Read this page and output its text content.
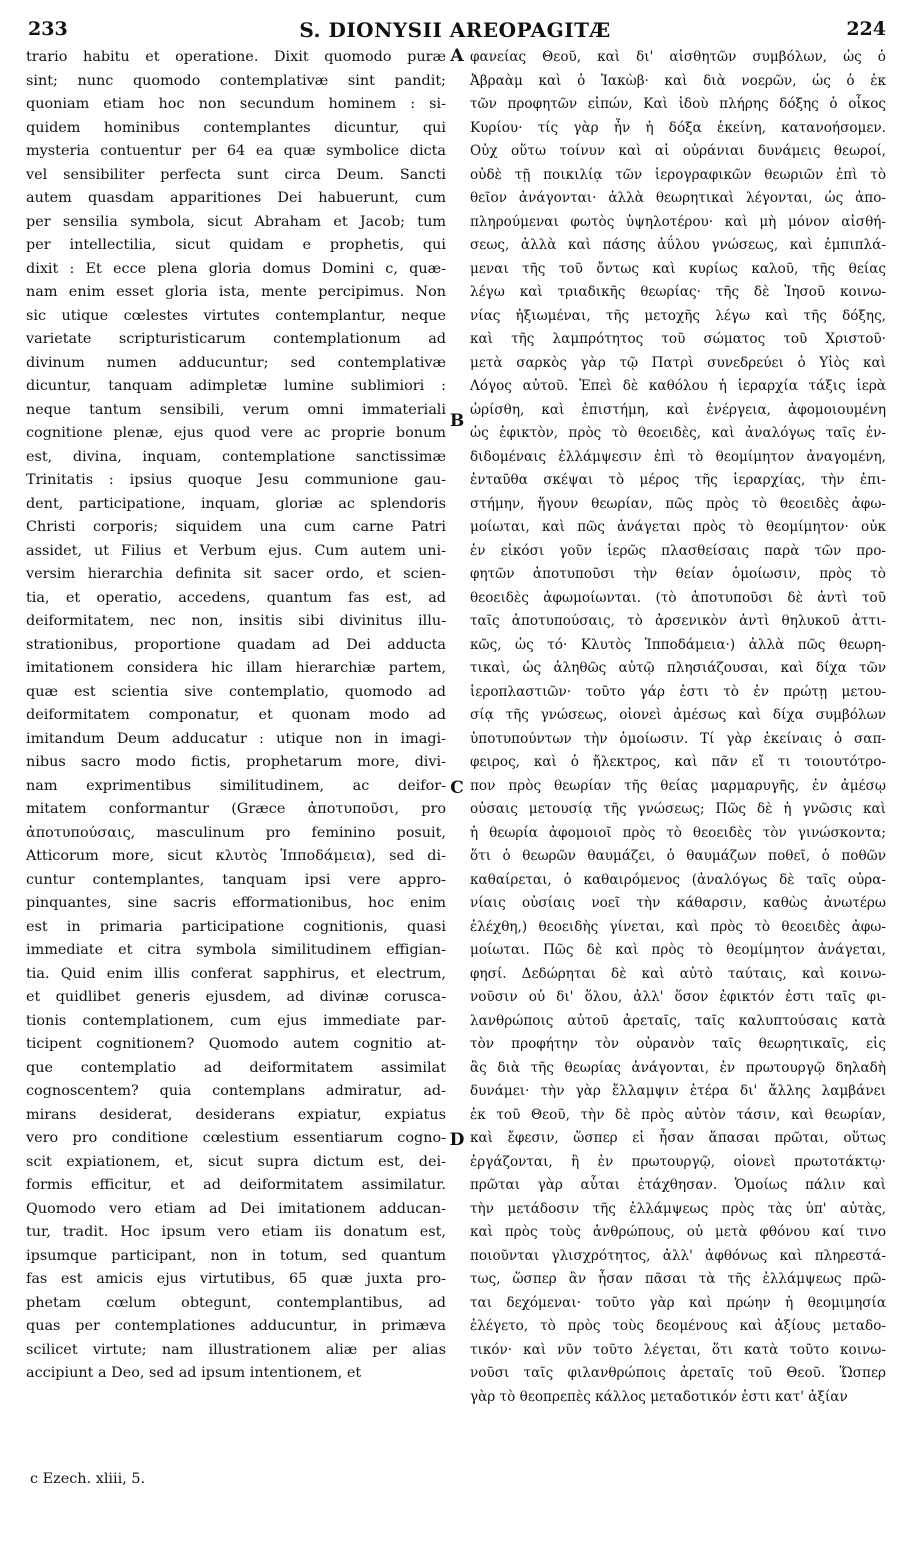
233	S. DIONYSII AREOPAGITÆ	224
trario habitu et operatione. Dixit quomodo puræ
sint; nunc quomodo contemplativæ sint pandit;
quoniam etiam hoc non secundum hominem : si-
quidem hominibus contemplantes dicuntur, qui
mysteria contuentur per 64 ea quæ symbolice dicta
vel sensibiliter perfecta sunt circa Deum. Sancti
autem quasdam apparitiones Dei habuerunt, cum
per sensilia symbola, sicut Abraham et Jacob; tum
per intellectilia, sicut quidam e prophetis, qui
dixit : Et ecce plena gloria domus Domini c, quæ-
nam enim esset gloria ista, mente percipimus. Non
sic utique cœlestes virtutes contemplantur, neque
varietate scripturisticarum contemplationum ad
divinum numen adducuntur; sed contemplativæ
dicuntur, tanquam adimpletæ lumine sublimiori :
neque tantum sensibili, verum omni immateriali
cognitione plenæ, ejus quod vere ac proprie bonum
est, divina, inquam, contemplatione sanctissimæ
Trinitatis : ipsius quoque Jesu communione gau-
dent, participatione, inquam, gloriæ ac splendoris
Christi corporis; siquidem una cum carne Patri
assidet, ut Filius et Verbum ejus. Cum autem uni-
versim hierarchia definita sit sacer ordo, et scien-
tia, et operatio, accedens, quantum fas est, ad
deiformitatem, nec non, insitis sibi divinitus illu-
strationibus, proportione quadam ad Dei adducta
imitationem considera hic illam hierarchiæ partem,
quæ est scientia sive contemplatio, quomodo ad
deiformitatem componatur, et quonam modo ad
imitandum Deum adducatur : utique non in imagi-
nibus sacro modo fictis, prophetarum more, divi-
nam exprimentibus similitudinem, ac deifor-
mitatem conformantur (Græce ἀποτυποῦσι, pro
ἀποτυπούσαις, masculinum pro feminino posuit,
Atticorum more, sicut κλυτὸς Ἱπποδάμεια), sed di-
cuntur contemplantes, tanquam ipsi vere appro-
pinquantes, sine sacris efformationibus, hoc enim
est in primaria participatione cognitionis, quasi
immediate et citra symbola similitudinem effigian-
tia. Quid enim illis conferat sapphirus, et electrum,
et quidlibet generis ejusdem, ad divinæ corusca-
tionis contemplationem, cum ejus immediate par-
ticipent cognitionem? Quomodo autem cognitio at-
que contemplatio ad deiformitatem assimilat
cognoscentem? quia contemplans admiratur, ad-
mirans desiderat, desiderans expiatur, expiatus
vero pro conditione cœlestium essentiarum cogno-
scit expiationem, et, sicut supra dictum est, dei-
formis efficitur, et ad deiformitatem assimilatur.
Quomodo vero etiam ad Dei imitationem adducan-
tur, tradit. Hoc ipsum vero etiam iis donatum est,
ipsumque participant, non in totum, sed quantum
fas est amicis ejus virtutibus, 65 quæ juxta pro-
phetam cœlum obtegunt, contemplantibus, ad
quas per contemplationes adducuntur, in primæva
scilicet virtute; nam illustrationem aliæ per alias
accipiunt a Deo, sed ad ipsum intentionem, et
A
B
C
D
φανείας Θεοῦ, καὶ δι' αἰσθητῶν συμβόλων, ὡς ὁ
Ἀβραὰμ καὶ ὁ Ἰακὼβ· καὶ διὰ νοερῶν, ὡς ὁ ἐκ
τῶν προφητῶν εἰπών, Καὶ ἰδοὺ πλήρης δόξης ὁ οἶκος
Κυρίου· τίς γὰρ ἦν ἡ δόξα ἐκείνη, κατανοήσομεν.
Οὐχ οὕτω τοίνυν καὶ αἱ οὐράνιαι δυνάμεις θεωροί,
οὐδὲ τῇ ποικιλίᾳ τῶν ἱερογραφικῶν θεωριῶν ἐπὶ τὸ
θεῖον ἀνάγονται· ἀλλὰ θεωρητικαὶ λέγονται, ὡς ἀπο-
πληρούμεναι φωτὸς ὑψηλοτέρου· καὶ μὴ μόνον αἰσθή-
σεως, ἀλλὰ καὶ πάσης ἀΰλου γνώσεως, καὶ ἐμπιπλά-
μεναι τῆς τοῦ ὄντως καὶ κυρίως καλοῦ, τῆς θείας
λέγω καὶ τριαδικῆς θεωρίας· τῆς δὲ Ἰησοῦ κοινω-
νίας ἠξιωμέναι, τῆς μετοχῆς λέγω καὶ τῆς δόξης,
καὶ τῆς λαμπρότητος τοῦ σώματος τοῦ Χριστοῦ·
μετὰ σαρκὸς γὰρ τῷ Πατρὶ συνεδρεύει ὁ Υἱὸς καὶ
Λόγος αὐτοῦ. Ἐπεὶ δὲ καθόλου ἡ ἱεραρχία τάξις ἱερὰ
ὡρίσθη, καὶ ἐπιστήμη, καὶ ἐνέργεια, ἀφομοιουμένη
ὡς ἐφικτὸν, πρὸς τὸ θεοειδὲς, καὶ ἀναλόγως ταῖς ἐν-
διδομέναις ἐλλάμψεσιν ἐπὶ τὸ θεομίμητον ἀναγομένη,
ἐνταῦθα σκέψαι τὸ μέρος τῆς ἱεραρχίας, τὴν ἐπι-
στήμην, ἤγουν θεωρίαν, πῶς πρὸς τὸ θεοειδὲς ἀφω-
μοίωται, καὶ πῶς ἀνάγεται πρὸς τὸ θεομίμητον· οὐκ
ἐν εἰκόσι γοῦν ἱερῶς πλασθείσαις παρὰ τῶν προ-
φητῶν ἀποτυποῦσι τὴν θείαν ὁμοίωσιν, πρὸς τὸ
θεοειδὲς ἀφωμοίωνται. (τὸ ἀποτυποῦσι δὲ ἀντὶ τοῦ
ταῖς ἀποτυπούσαις, τὸ ἀρσενικὸν ἀντὶ θηλυκοῦ ἀττι-
κῶς, ὡς τό· Κλυτὸς Ἱπποδάμεια·) ἀλλὰ πῶς θεωρη-
τικαὶ, ὡς ἀληθῶς αὐτῷ πλησιάζουσαι, καὶ δίχα τῶν
ἱεροπλαστιῶν· τοῦτο γάρ ἐστι τὸ ἐν πρώτῃ μετου-
σίᾳ τῆς γνώσεως, οἱονεὶ ἀμέσως καὶ δίχα συμβόλων
ὑποτυπούντων τὴν ὁμοίωσιν. Τί γὰρ ἐκείναις ὁ σαπ-
φειρος, καὶ ὁ ἤλεκτρος, καὶ πᾶν εἴ τι τοιουτότρο-
πον πρὸς θεωρίαν τῆς θείας μαρμαρυγῆς, ἐν ἀμέσῳ
οὐσαις μετουσίᾳ τῆς γνώσεως; Πῶς δὲ ἡ γνῶσις καὶ
ἡ θεωρία ἀφομοιοῖ πρὸς τὸ θεοειδὲς τὸν γινώσκοντα;
ὅτι ὁ θεωρῶν θαυμάζει, ὁ θαυμάζων ποθεῖ, ὁ ποθῶν
καθαίρεται, ὁ καθαιρόμενος (ἀναλόγως δὲ ταῖς οὐρα-
νίαις οὐσίαις νοεῖ τὴν κάθαρσιν, καθὼς ἀνωτέρω
ἐλέχθη,) θεοειδὴς γίνεται, καὶ πρὸς τὸ θεοειδὲς ἀφω-
μοίωται. Πῶς δὲ καὶ πρὸς τὸ θεομίμητον ἀνάγεται,
φησί. Δεδώρηται δὲ καὶ αὐτὸ ταύταις, καὶ κοινω-
νοῦσιν οὐ δι' ὅλου, ἀλλ' ὅσον ἐφικτόν ἐστι ταῖς φι-
λανθρώποις αὐτοῦ ἀρεταῖς, ταῖς καλυπτούσαις κατὰ
τὸν προφήτην τὸν οὐρανὸν ταῖς θεωρητικαῖς, εἰς
ἃς διὰ τῆς θεωρίας ἀνάγονται, ἐν πρωτουργῷ δηλαδὴ
δυνάμει· τὴν γὰρ ἔλλαμψιν ἑτέρα δι' ἄλλης λαμβάνει
ἐκ τοῦ Θεοῦ, τὴν δὲ πρὸς αὐτὸν τάσιν, καὶ θεωρίαν,
καὶ ἔφεσιν, ὥσπερ εἰ ἦσαν ἅπασαι πρῶται, οὕτως
ἐργάζονται, ἢ ἐν πρωτουργῷ, οἱονεὶ πρωτοτάκτῳ·
πρῶται γὰρ αὗται ἐτάχθησαν. Ὁμοίως πάλιν καὶ
τὴν μετάδοσιν τῆς ἐλλάμψεως πρὸς τὰς ὑπ' αὐτὰς,
καὶ πρὸς τοὺς ἀνθρώπους, οὐ μετὰ φθόνου καί τινο
ποιοῦνται γλισχρότητος, ἀλλ' ἀφθόνως καὶ πληρεστά-
τως, ὥσπερ ἂν ἦσαν πᾶσαι τὰ τῆς ἐλλάμψεως πρῶ-
ται δεχόμεναι· τοῦτο γὰρ καὶ πρώην ἡ θεομιμησία
ἐλέγετο, τὸ πρὸς τοὺς δεομένους καὶ ἀξίους μεταδο-
τικόν· καὶ νῦν τοῦτο λέγεται, ὅτι κατὰ τοῦτο κοινω-
νοῦσι ταῖς φιλανθρώποις ἀρεταῖς τοῦ Θεοῦ. Ὥσπερ
γὰρ τὸ θεοπρεπὲς κάλλος μεταδοτικόν ἐστι κατ' ἀξίαν
c Ezech. xliii, 5.
